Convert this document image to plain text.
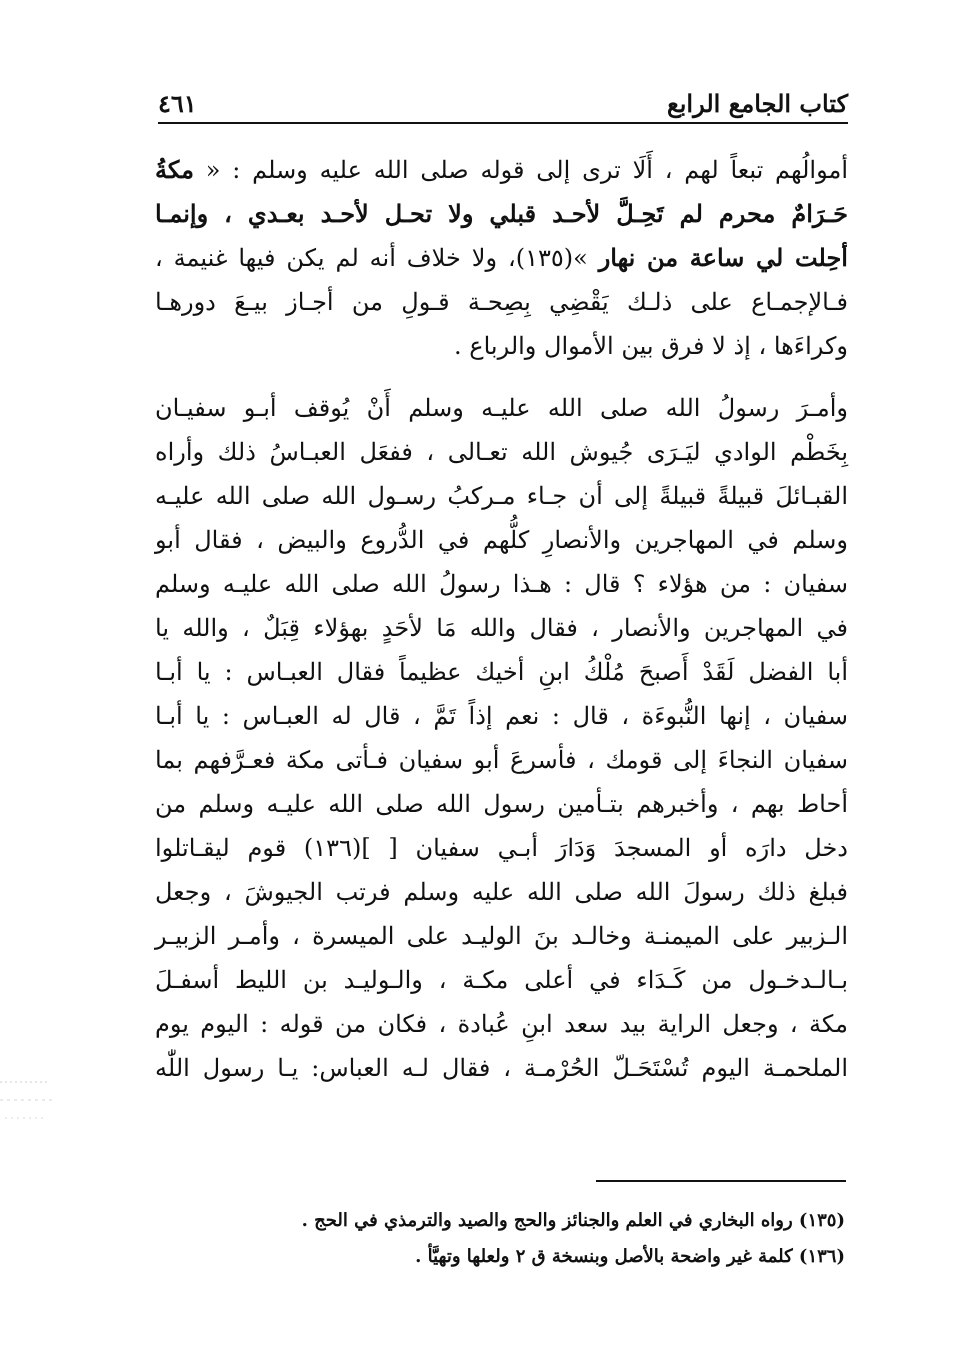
كتاب الجامع الرابع
٤٦١
أموالُهم تبعاً لهم ، أَلَا ترى إلى قوله صلى الله عليه وسلم : « مكةُ
حَـرَامٌ محرم لم تَحِـلَّ لأحـد قبلي ولا تحـل لأحـد بعـدي ، وإنمـا
أحِلت لي ساعة من نهار »(١٣٥)، ولا خلاف أنه لم يكن فيها غنيمة ،
فـالإجمـاع على ذلـك يَقْضِي بِصِحـة قـولِ من أجـاز بيـعَ دورهـا
وكراءَها ، إذ لا فرق بين الأموال والرباع .
وأمـرَ رسولُ الله صلى الله عليـه وسلم أَنْ يُوقف أبـو سفيـان
بِخَطْم الوادي ليَـرَى جُيوش الله تعـالى ، ففعَل العبـاسُ ذلك وأراه
القبـائلَ قبيلةً قبيلةً إلى أن جـاء مـركبُ رسـول الله صلى الله عليـه
وسلم في المهاجرين والأنصارِ كلُّهم في الدُّروع والبيض ، فقال أبو
سفيان : من هؤلاء ؟ قال : هـذا رسولُ الله صلى الله عليـه وسلم
في المهاجرين والأنصار ، فقال والله مَا لأحَدٍ بهؤلاء قِبَلٌ ، والله يا
أبا الفضل لَقَدْ أَصبحَ مُلْكُ ابنِ أخيك عظيماً فقال العبـاس : يا أبـا
سفيان ، إنها النُّبوءَة ، قال : نعم إذاً تَمَّ ، قال له العبـاس : يا أبـا
سفيان النجاءَ إلى قومك ، فأسرعَ أبو سفيان فـأتى مكة فعـرَّفهم بما
أحاط بهم ، وأخبرهم بتـأمين رسول الله صلى الله عليـه وسلم من
دخل دارَه أو المسجدَ وَدَارَ أبـي سفيان [ ](١٣٦) قوم ليقـاتلوا
فبلغ ذلك رسولَ الله صلى الله عليه وسلم فرتب الجيوشَ ، وجعل
الـزبير على الميمنـة وخالـد بنَ الوليـد على الميسرة ، وأمـر الزبيـر
بـالـدخـول من كَـدَاء في أعلى مكـة ، والـوليـد بن الليط أسفـلَ
مكة ، وجعل الراية بيد سعد ابنِ عُبادة ، فكان من قوله : اليوم يوم
الملحمـة اليوم تُسْتَحَـلّ الحُرْمـة ، فقال لـه العباس: يـا رسول اللّٰه
(١٣٥) رواه البخاري في العلم والجنائز والحج والصيد والترمذي في الحج .
(١٣٦) كلمة غير واضحة بالأصل وبنسخة ق ٢ ولعلها وتهيَّأ .
